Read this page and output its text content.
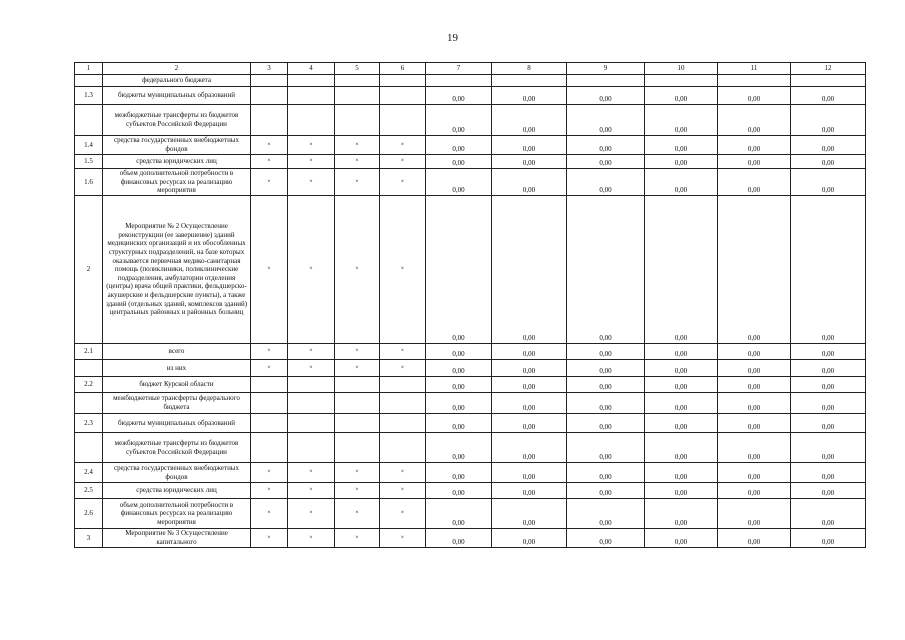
19
1	2	3	4	5	6	7	8	9	10	11	12
	федерального бюджета										
1.3	бюджеты муниципальных образований					0,00	0,00	0,00	0,00	0,00	0,00
	межбюджетные трансферты из бюджетов субъектов Российской Федерации					0,00	0,00	0,00	0,00	0,00	0,00
1.4	средства государственных внебюджетных фондов	×	×	×	×	0,00	0,00	0,00	0,00	0,00	0,00
1.5	средства юридических лиц	×	×	×	×	0,00	0,00	0,00	0,00	0,00	0,00
1.6	объем дополнительной потребности в финансовых ресурсах на реализацию мероприятия	×	×	×	×	0,00	0,00	0,00	0,00	0,00	0,00
2	Мероприятие № 2 Осуществление реконструкции (ее завершение) зданий медицинских организаций и их обособленных структурных подразделений, на базе которых оказывается первичная медико-санитарная помощь (поликлиники, поликлинические подразделения, амбулатории отделения (центры) врача общей практики, фельдшерско- акушерские и фельдшерские пункты), а также зданий (отдельных зданий, комплексов зданий) центральных районных и районных больниц	×	×	×	×	0,00	0,00	0,00	0,00	0,00	0,00
2.1	всего	×	×	×	×	0,00	0,00	0,00	0,00	0,00	0,00
	из них	×	×	×	×	0,00	0,00	0,00	0,00	0,00	0,00
2.2	бюджет Курской области					0,00	0,00	0,00	0,00	0,00	0,00
	межбюджетные трансферты федерального бюджета					0,00	0,00	0,00	0,00	0,00	0,00
2.3	бюджеты муниципальных образований					0,00	0,00	0,00	0,00	0,00	0,00
	межбюджетные трансферты из бюджетов субъектов Российской Федерации					0,00	0,00	0,00	0,00	0,00	0,00
2.4	средства государственных внебюджетных фондов	×	×	×	×	0,00	0,00	0,00	0,00	0,00	0,00
2.5	средства юридических лиц	×	×	×	×	0,00	0,00	0,00	0,00	0,00	0,00
2.6	объем дополнительной потребности в финансовых ресурсах на реализацию мероприятия	×	×	×	×	0,00	0,00	0,00	0,00	0,00	0,00
3	Мероприятие № 3 Осуществление капитального	×	×	×	×	0,00	0,00	0,00	0,00	0,00	0,00
